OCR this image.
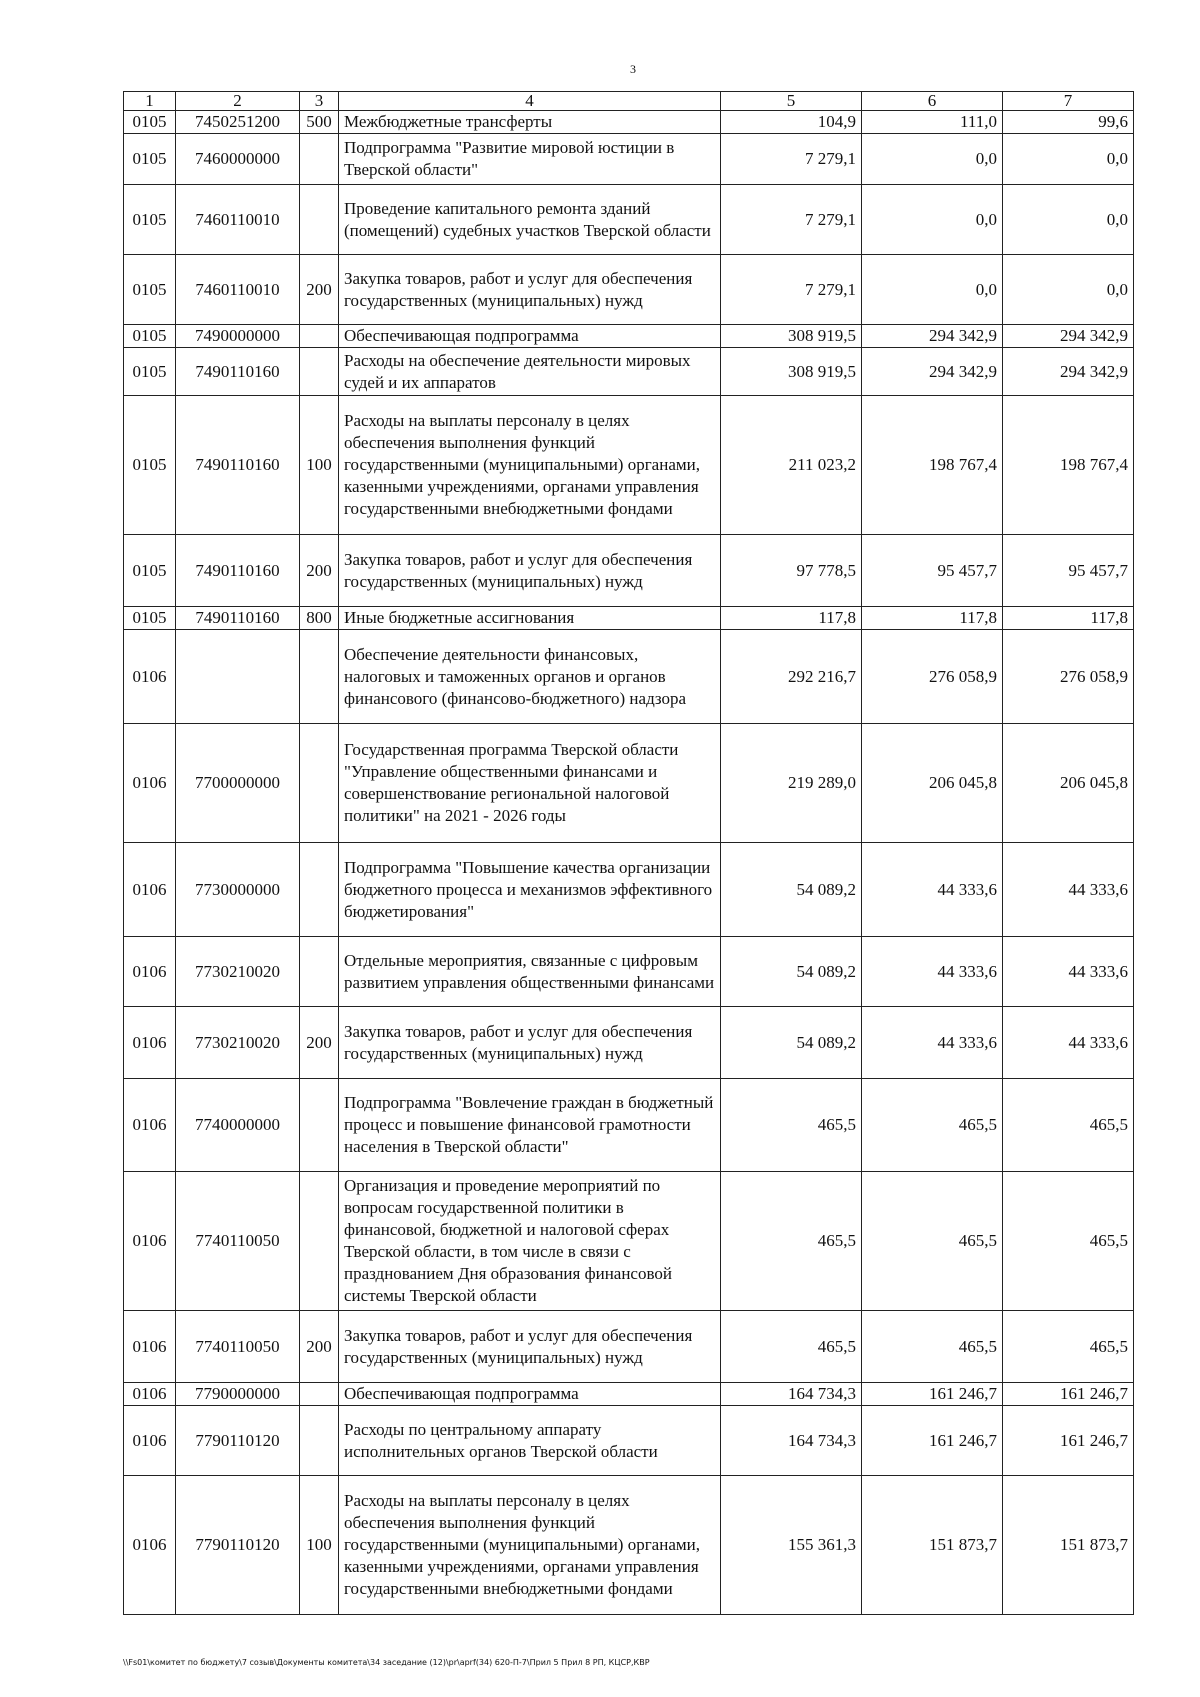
3
1	2	3	4	5	6	7
0105	7450251200	500	Межбюджетные трансферты	104,9	111,0	99,6
0105	7460000000		Подпрограмма "Развитие мировой юстиции в Тверской области"	7 279,1	0,0	0,0
0105	7460110010		Проведение капитального ремонта зданий (помещений) судебных участков Тверской области	7 279,1	0,0	0,0
0105	7460110010	200	Закупка товаров, работ и услуг для обеспечения государственных (муниципальных) нужд	7 279,1	0,0	0,0
0105	7490000000		Обеспечивающая подпрограмма	308 919,5	294 342,9	294 342,9
0105	7490110160		Расходы на обеспечение деятельности мировых судей и их аппаратов	308 919,5	294 342,9	294 342,9
0105	7490110160	100	Расходы на выплаты персоналу в целях обеспечения выполнения функций государственными (муниципальными) органами, казенными учреждениями, органами управления государственными внебюджетными фондами	211 023,2	198 767,4	198 767,4
0105	7490110160	200	Закупка товаров, работ и услуг для обеспечения государственных (муниципальных) нужд	97 778,5	95 457,7	95 457,7
0105	7490110160	800	Иные бюджетные ассигнования	117,8	117,8	117,8
0106			Обеспечение деятельности финансовых, налоговых и таможенных органов и органов финансового (финансово-бюджетного) надзора	292 216,7	276 058,9	276 058,9
0106	7700000000		Государственная программа Тверской области "Управление общественными финансами и совершенствование региональной налоговой политики" на 2021 - 2026 годы	219 289,0	206 045,8	206 045,8
0106	7730000000		Подпрограмма "Повышение качества организации бюджетного процесса и механизмов эффективного бюджетирования"	54 089,2	44 333,6	44 333,6
0106	7730210020		Отдельные мероприятия, связанные с цифровым развитием управления общественными финансами	54 089,2	44 333,6	44 333,6
0106	7730210020	200	Закупка товаров, работ и услуг для обеспечения государственных (муниципальных) нужд	54 089,2	44 333,6	44 333,6
0106	7740000000		Подпрограмма "Вовлечение граждан в бюджетный процесс и повышение финансовой грамотности населения в Тверской области"	465,5	465,5	465,5
0106	7740110050		Организация и проведение мероприятий по вопросам государственной политики в финансовой, бюджетной и налоговой сферах Тверской области, в том числе в связи с празднованием Дня образования финансовой системы Тверской области	465,5	465,5	465,5
0106	7740110050	200	Закупка товаров, работ и услуг для обеспечения государственных (муниципальных) нужд	465,5	465,5	465,5
0106	7790000000		Обеспечивающая подпрограмма	164 734,3	161 246,7	161 246,7
0106	7790110120		Расходы по центральному аппарату исполнительных органов Тверской области	164 734,3	161 246,7	161 246,7
0106	7790110120	100	Расходы на выплаты персоналу в целях обеспечения выполнения функций государственными (муниципальными) органами, казенными учреждениями, органами управления государственными внебюджетными фондами	155 361,3	151 873,7	151 873,7
\\Fs01\комитет по бюджету\7 созыв\Документы комитета\34 заседание (12)\pr\aprf(34) 620-П-7\Прил 5 Прил 8 РП, КЦСР,КВР
